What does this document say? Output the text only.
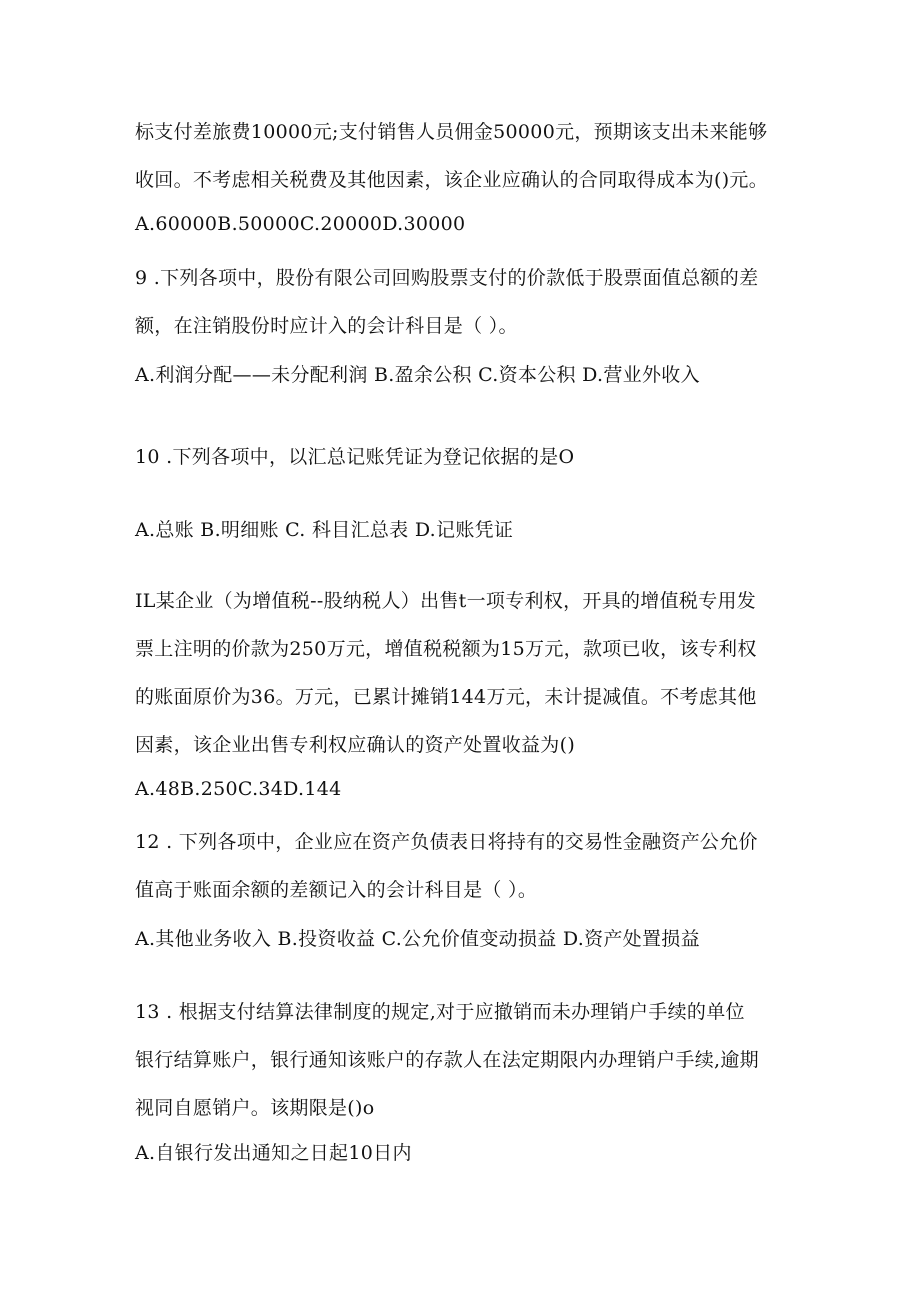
标支付差旅费10000元;支付销售人员佣金50000元，预期该支出未来能够
收回。不考虑相关税费及其他因素，该企业应确认的合同取得成本为()元。
A.60000B.50000C.20000D.30000
9 .下列各项中，股份有限公司回购股票支付的价款低于股票面值总额的差
额，在注销股份时应计入的会计科目是（ ）。
A.利润分配——未分配利润 B.盈余公积 C.资本公积 D.营业外收入
10 .下列各项中，以汇总记账凭证为登记依据的是O
A.总账 B.明细账 C. 科目汇总表 D.记账凭证
IL某企业（为增值税--股纳税人）出售t一项专利权，开具的增值税专用发
票上注明的价款为250万元，增值税税额为15万元，款项已收，该专利权
的账面原价为36。万元，已累计摊销144万元，未计提减值。不考虑其他
因素，该企业出售专利权应确认的资产处置收益为()
A.48B.250C.34D.144
12 . 下列各项中，企业应在资产负债表日将持有的交易性金融资产公允价
值高于账面余额的差额记入的会计科目是（ ）。
A.其他业务收入 B.投资收益 C.公允价值变动损益 D.资产处置损益
13 . 根据支付结算法律制度的规定,对于应撤销而未办理销户手续的单位
银行结算账户，银行通知该账户的存款人在法定期限内办理销户手续,逾期
视同自愿销户。该期限是()o
A.自银行发出通知之日起10日内
